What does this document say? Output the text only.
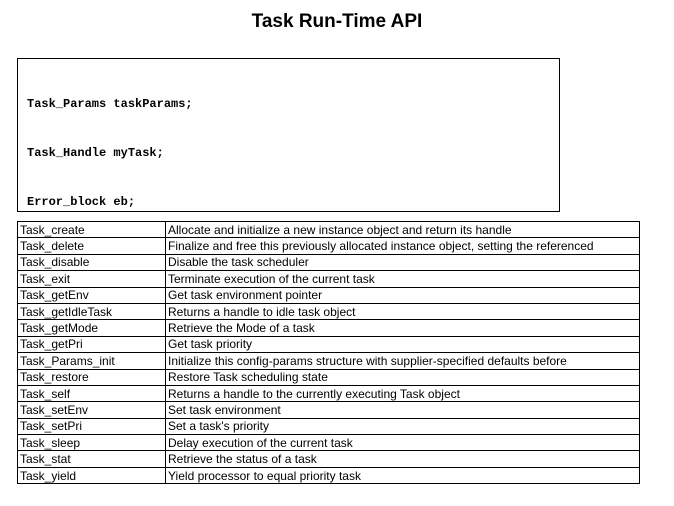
Task Run-Time API

Task_Params taskParams;

Task_Handle myTask;

Error_block eb;

Task_create	Allocate and initialize a new instance object and return its handle
Task_delete	Finalize and free this previously allocated instance object, setting the referenced
Task_disable	Disable the task scheduler
Task_exit	Terminate execution of the current task
Task_getEnv	Get task environment pointer
Task_getIdleTask	Returns a handle to idle task object
Task_getMode	Retrieve the Mode of a task
Task_getPri	Get task priority
Task_Params_init	Initialize this config-params structure with supplier-specified defaults before
Task_restore	Restore Task scheduling state
Task_self	Returns a handle to the currently executing Task object
Task_setEnv	Set task environment
Task_setPri	Set a task's priority
Task_sleep	Delay execution of the current task
Task_stat	Retrieve the status of a task
Task_yield	Yield processor to equal priority task
